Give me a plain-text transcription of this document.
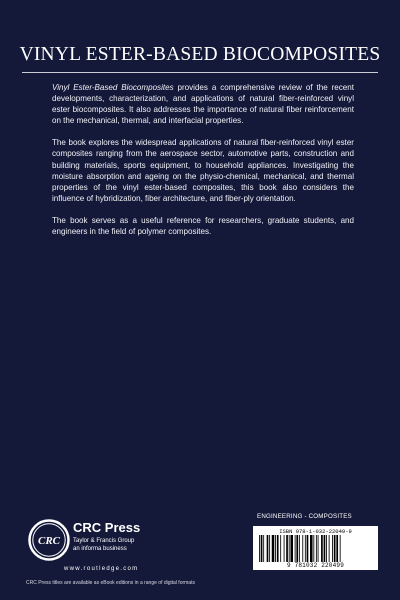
VINYL ESTER-BASED BIOCOMPOSITES

Vinyl Ester-Based Biocomposites provides a comprehensive review of the recent developments, characterization, and applications of natural fiber-reinforced vinyl ester biocomposites. It also addresses the importance of natural fiber reinforcement on the mechanical, thermal, and interfacial properties.

The book explores the widespread applications of natural fiber-reinforced vinyl ester composites ranging from the aerospace sector, automotive parts, construction and building materials, sports equipment, to household appliances. Investigating the moisture absorption and ageing on the physio-chemical, mechanical, and thermal properties of the vinyl ester-based composites, this book also considers the influence of hybridization, fiber architecture, and fiber-ply orientation.

The book serves as a useful reference for researchers, graduate students, and engineers in the field of polymer composites.

ENGINEERING - COMPOSITES
CRC
CRC Press
Taylor & Francis Group
an informa business
www.routledge.com
CRC Press titles are available as eBook editions in a range of digital formats
ISBN 978-1-032-22049-9
9 781032 220499
